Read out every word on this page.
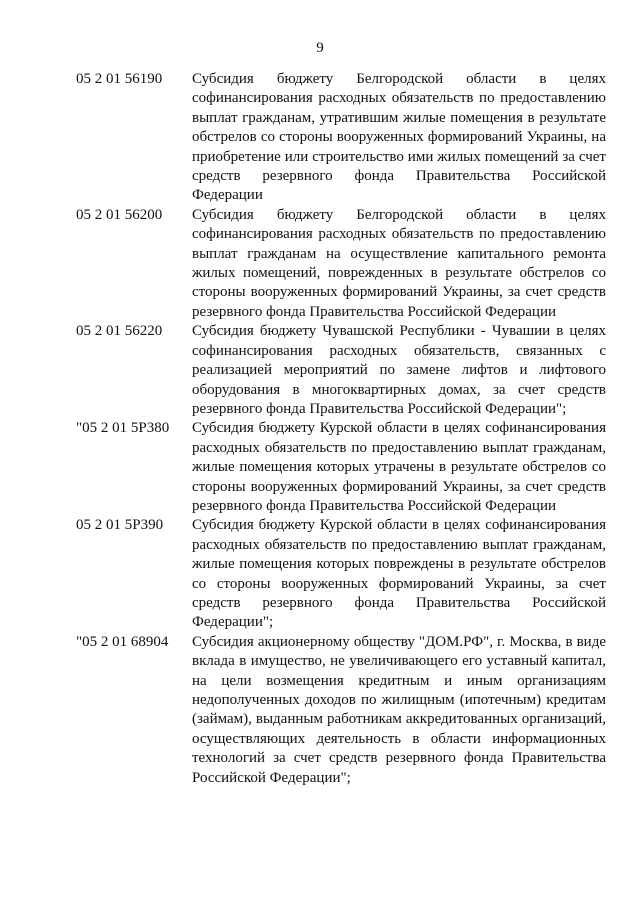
9
05 2 01 56190	Субсидия бюджету Белгородской области в целях софинансирования расходных обязательств по предоставлению выплат гражданам, утратившим жилые помещения в результате обстрелов со стороны вооруженных формирований Украины, на приобретение или строительство ими жилых помещений за счет средств резервного фонда Правительства Российской Федерации
05 2 01 56200	Субсидия бюджету Белгородской области в целях софинансирования расходных обязательств по предоставлению выплат гражданам на осуществление капитального ремонта жилых помещений, поврежденных в результате обстрелов со стороны вооруженных формирований Украины, за счет средств резервного фонда Правительства Российской Федерации
05 2 01 56220	Субсидия бюджету Чувашской Республики - Чувашии в целях софинансирования расходных обязательств, связанных с реализацией мероприятий по замене лифтов и лифтового оборудования в многоквартирных домах, за счет средств резервного фонда Правительства Российской Федерации";
"05 2 01 5Р380	Субсидия бюджету Курской области в целях софинансирования расходных обязательств по предоставлению выплат гражданам, жилые помещения которых утрачены в результате обстрелов со стороны вооруженных формирований Украины, за счет средств резервного фонда Правительства Российской Федерации
05 2 01 5Р390	Субсидия бюджету Курской области в целях софинансирования расходных обязательств по предоставлению выплат гражданам, жилые помещения которых повреждены в результате обстрелов со стороны вооруженных формирований Украины, за счет средств резервного фонда Правительства Российской Федерации";
"05 2 01 68904	Субсидия акционерному обществу "ДОМ.РФ", г. Москва, в виде вклада в имущество, не увеличивающего его уставный капитал, на цели возмещения кредитным и иным организациям недополученных доходов по жилищным (ипотечным) кредитам (займам), выданным работникам аккредитованных организаций, осуществляющих деятельность в области информационных технологий за счет средств резервного фонда Правительства Российской Федерации";
